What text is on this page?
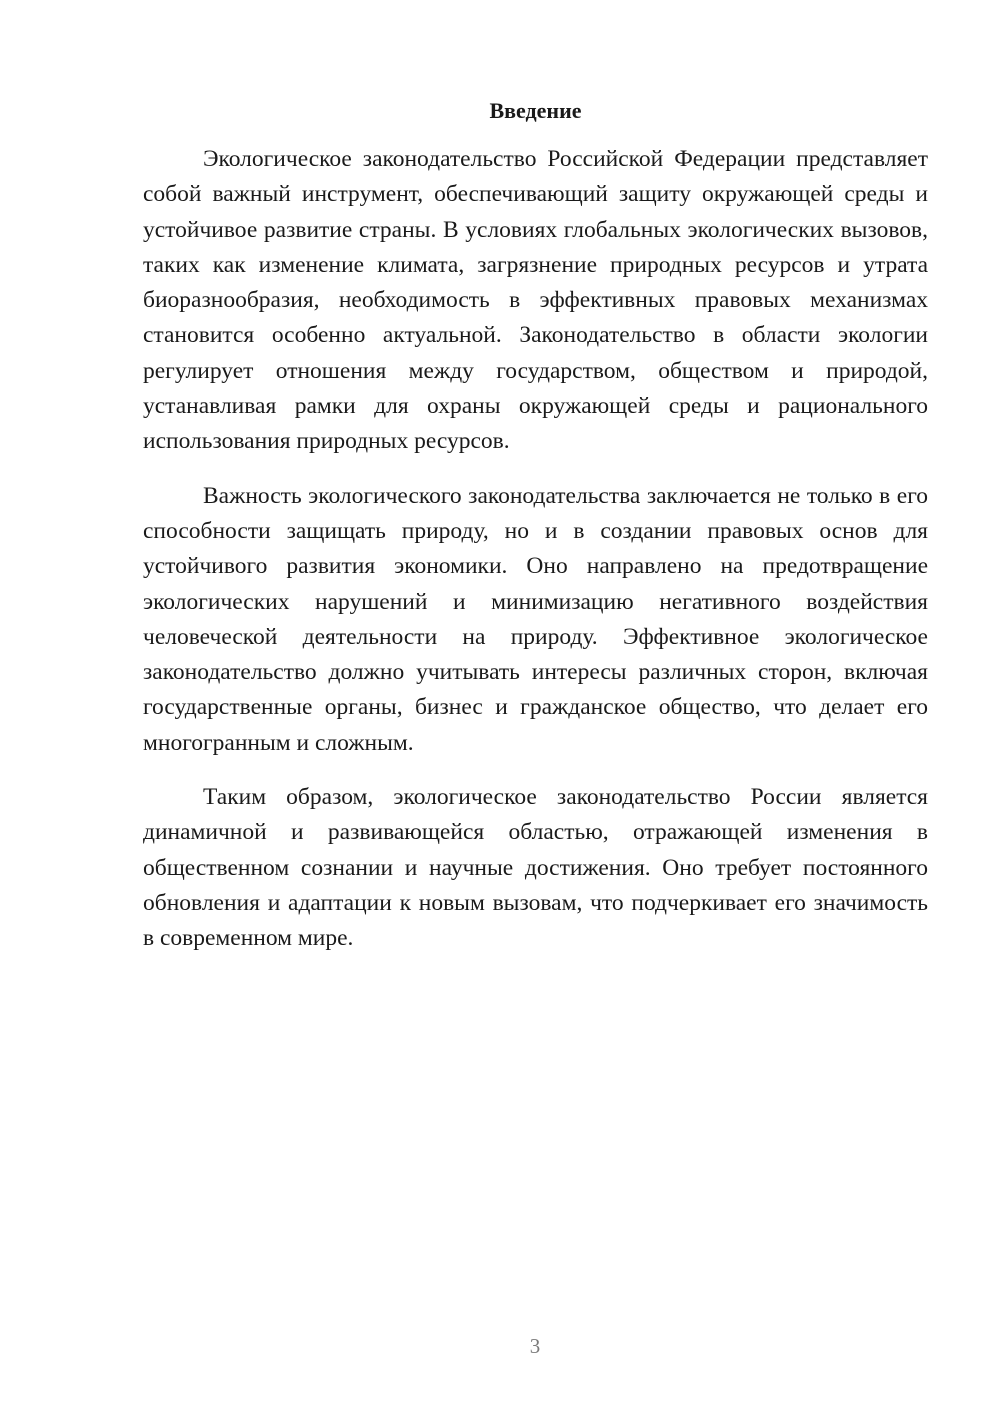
Введение

Экологическое законодательство Российской Федерации представляет собой важный инструмент, обеспечивающий защиту окружающей среды и устойчивое развитие страны. В условиях глобальных экологических вызовов, таких как изменение климата, загрязнение природных ресурсов и утрата биоразнообразия, необходимость в эффективных правовых механизмах становится особенно актуальной. Законодательство в области экологии регулирует отношения между государством, обществом и природой, устанавливая рамки для охраны окружающей среды и рационального использования природных ресурсов.

Важность экологического законодательства заключается не только в его способности защищать природу, но и в создании правовых основ для устойчивого развития экономики. Оно направлено на предотвращение экологических нарушений и минимизацию негативного воздействия человеческой деятельности на природу. Эффективное экологическое законодательство должно учитывать интересы различных сторон, включая государственные органы, бизнес и гражданское общество, что делает его многогранным и сложным.

Таким образом, экологическое законодательство России является динамичной и развивающейся областью, отражающей изменения в общественном сознании и научные достижения. Оно требует постоянного обновления и адаптации к новым вызовам, что подчеркивает его значимость в современном мире.

3
